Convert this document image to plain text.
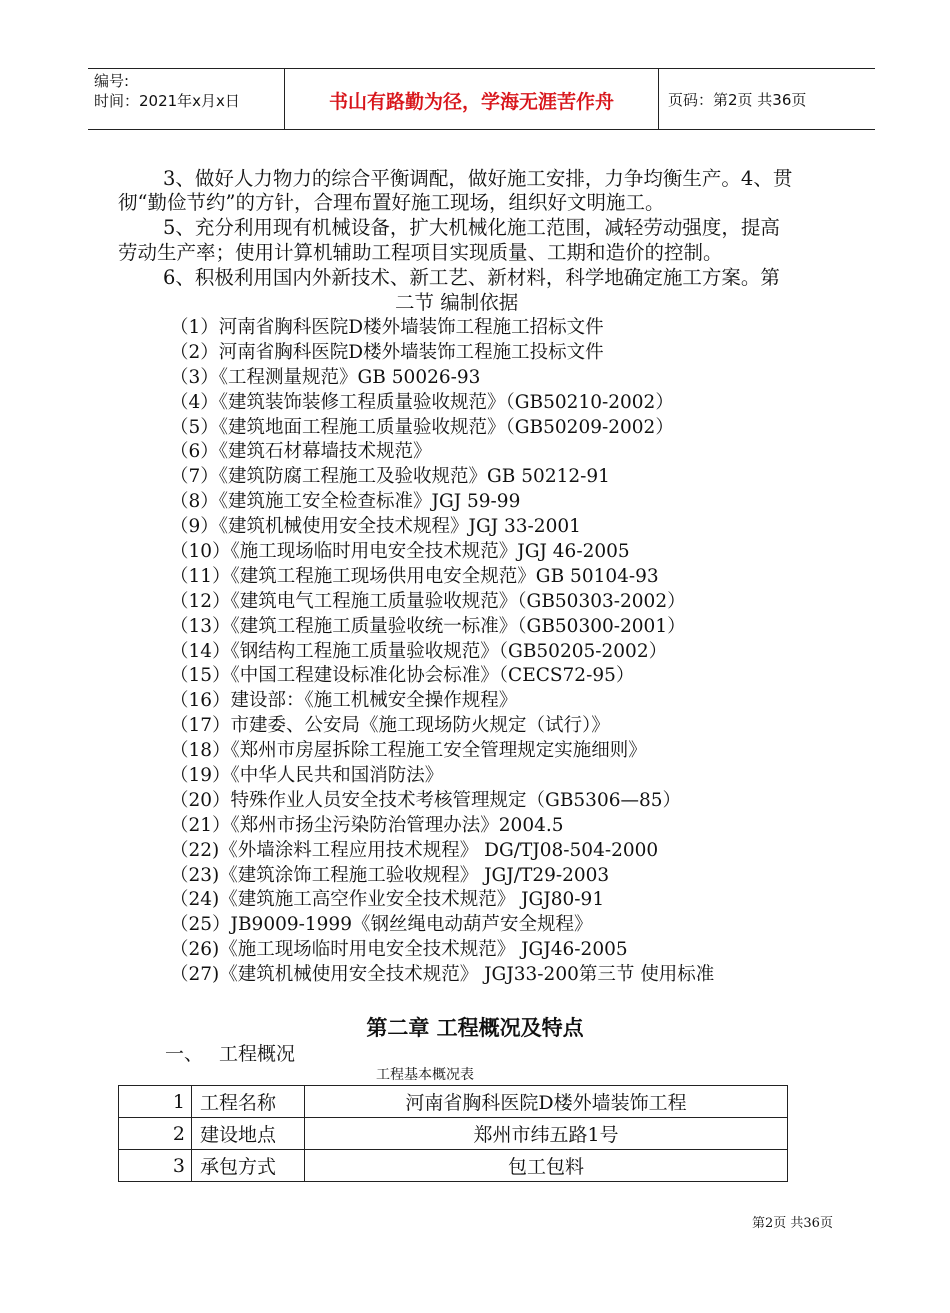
编号:
时间：2021年x月x日	书山有路勤为径，学海无涯苦作舟	页码：第2页 共36页
3、做好人力物力的综合平衡调配，做好施工安排，力争均衡生产。4、贯
彻“勤俭节约”的方针，合理布置好施工现场，组织好文明施工。
5、充分利用现有机械设备，扩大机械化施工范围，减轻劳动强度，提高
劳动生产率；使用计算机辅助工程项目实现质量、工期和造价的控制。
6、积极利用国内外新技术、新工艺、新材料，科学地确定施工方案。第
二节 编制依据
（1）河南省胸科医院D楼外墙装饰工程施工招标文件
（2）河南省胸科医院D楼外墙装饰工程施工投标文件
（3）《工程测量规范》GB 50026-93
（4）《建筑装饰装修工程质量验收规范》（GB50210-2002）
（5）《建筑地面工程施工质量验收规范》（GB50209-2002）
（6）《建筑石材幕墙技术规范》
（7）《建筑防腐工程施工及验收规范》GB 50212-91
（8）《建筑施工安全检查标准》JGJ 59-99
（9）《建筑机械使用安全技术规程》JGJ 33-2001
（10）《施工现场临时用电安全技术规范》JGJ 46-2005
（11）《建筑工程施工现场供用电安全规范》GB 50104-93
（12）《建筑电气工程施工质量验收规范》（GB50303-2002）
（13）《建筑工程施工质量验收统一标准》（GB50300-2001）
（14）《钢结构工程施工质量验收规范》（GB50205-2002）
（15）《中国工程建设标准化协会标准》（CECS72-95）
（16）建设部：《施工机械安全操作规程》
（17）市建委、公安局《施工现场防火规定（试行）》
（18）《郑州市房屋拆除工程施工安全管理规定实施细则》
（19）《中华人民共和国消防法》
（20）特殊作业人员安全技术考核管理规定（GB5306—85）
（21）《郑州市扬尘污染防治管理办法》2004.5
（22)《外墙涂料工程应用技术规程》 DG/TJ08-504-2000
（23)《建筑涂饰工程施工验收规程》 JGJ/T29-2003
（24)《建筑施工高空作业安全技术规范》 JGJ80-91
（25）JB9009-1999《钢丝绳电动葫芦安全规程》
（26)《施工现场临时用电安全技术规范》 JGJ46-2005
（27)《建筑机械使用安全技术规范》 JGJ33-200第三节 使用标准
第二章 工程概况及特点
一、 工程概况
工程基本概况表
1	工程名称	河南省胸科医院D楼外墙装饰工程
2	建设地点	郑州市纬五路1号
3	承包方式	包工包料
第2页 共36页
